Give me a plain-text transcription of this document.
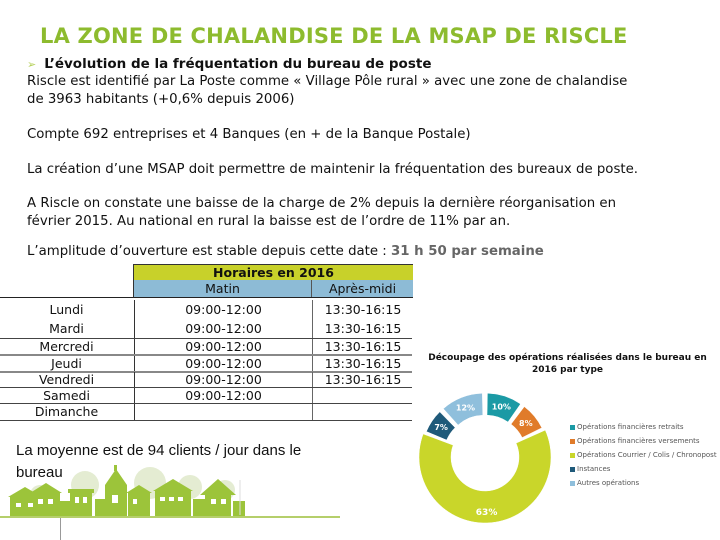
LA ZONE DE CHALANDISE DE LA MSAP DE RISCLE
➢ L’évolution de la fréquentation du bureau de poste
Riscle est identifié par La Poste comme « Village Pôle rural » avec une zone de chalandise
de 3963 habitants (+0,6% depuis 2006)
Compte 692 entreprises et 4 Banques (en + de la Banque Postale)
La création d’une MSAP doit permettre de maintenir la fréquentation des bureaux de poste.
A Riscle on constate une baisse de la charge de 2% depuis la dernière réorganisation en
février 2015. Au national en rural la baisse est de l’ordre de 11% par an.
L’amplitude d’ouverture est stable depuis cette date : 31 h 50 par semaine
Horaires en 2016
Matin	Après-midi
Lundi	09:00-12:00	13:30-16:15
Mardi	09:00-12:00	13:30-16:15
Mercredi	09:00-12:00	13:30-16:15
Jeudi	09:00-12:00	13:30-16:15
Vendredi	09:00-12:00	13:30-16:15
Samedi	09:00-12:00
Dimanche
La moyenne est de 94 clients / jour dans le
bureau
Découpage des opérations réalisées dans le bureau en
2016 par type
10%
8%
63%
7%
12%
Opérations financières retraits
Opérations financières versements
Opérations Courrier / Colis / Chronopost
Instances
Autres opérations
